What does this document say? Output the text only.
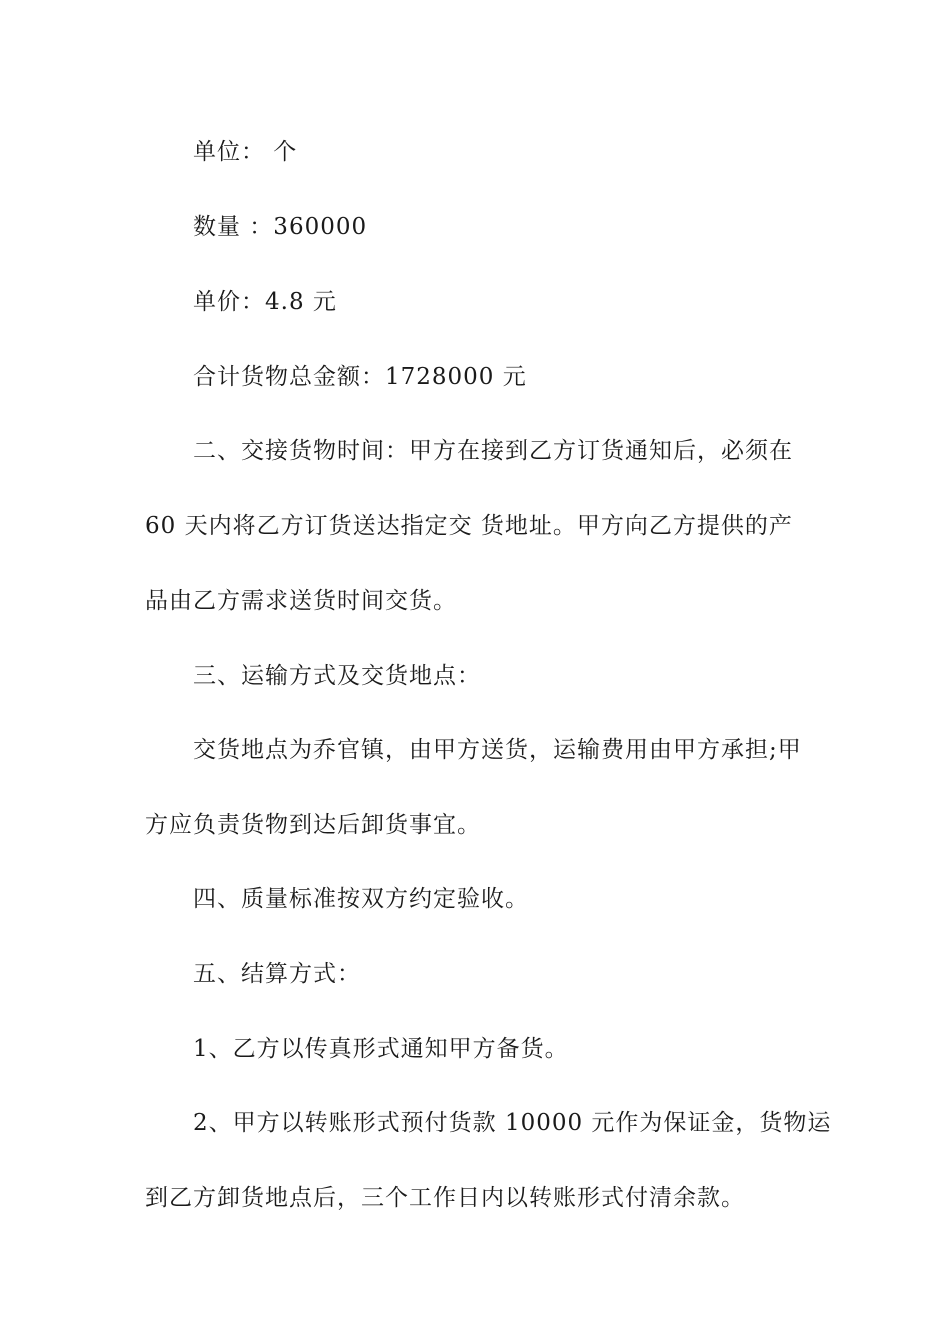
单位： 个
数量 ：360000
单价：4.8 元
合计货物总金额：1728000 元
二、交接货物时间：甲方在接到乙方订货通知后，必须在
60 天内将乙方订货送达指定交 货地址。甲方向乙方提供的产
品由乙方需求送货时间交货。
三、运输方式及交货地点：
交货地点为乔官镇，由甲方送货，运输费用由甲方承担;甲
方应负责货物到达后卸货事宜。
四、质量标准按双方约定验收。
五、结算方式：
1、乙方以传真形式通知甲方备货。
2、甲方以转账形式预付货款 10000 元作为保证金，货物运
到乙方卸货地点后，三个工作日内以转账形式付清余款。
